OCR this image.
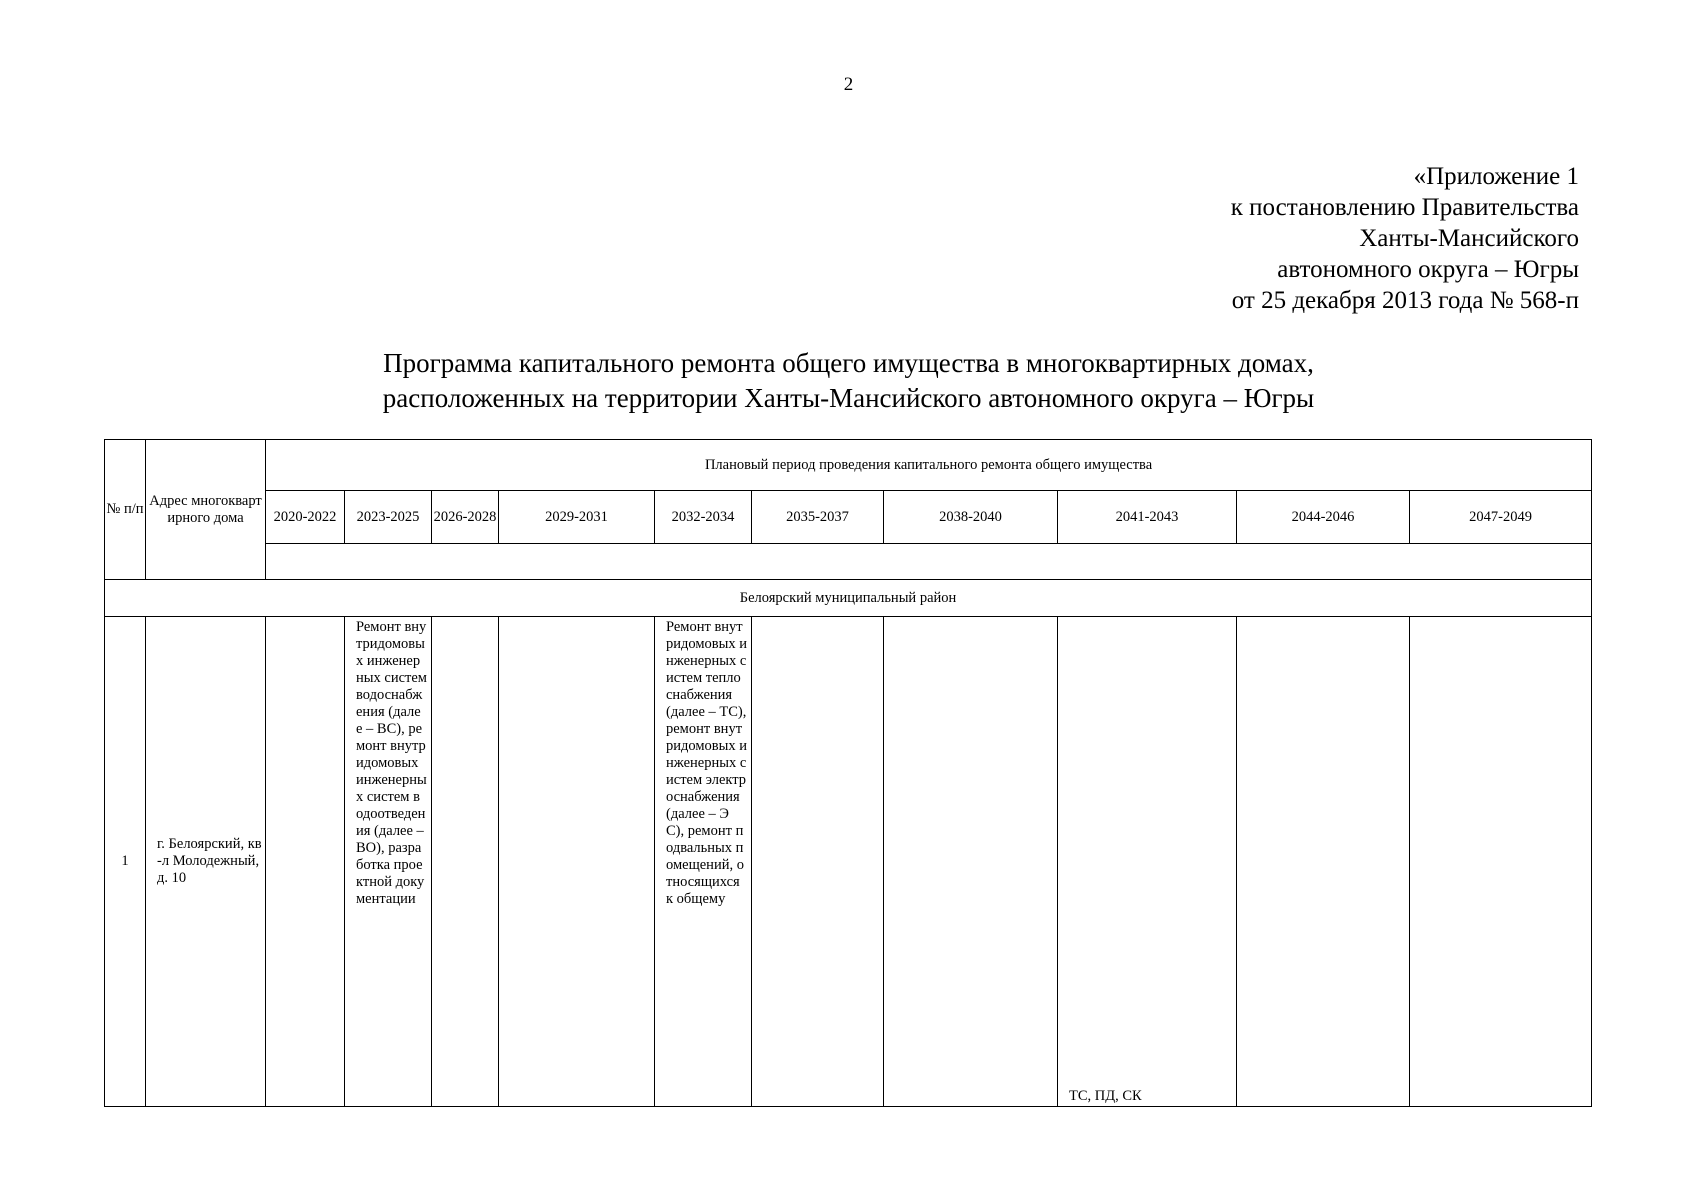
2
«Приложение 1
к постановлению Правительства
Ханты-Мансийского
автономного округа – Югры
от 25 декабря 2013 года № 568-п
Программа капитального ремонта общего имущества в многоквартирных домах,
расположенных на территории Ханты-Мансийского автономного округа – Югры
№ п/п	Адрес многоквартирного дома	Плановый период проведения капитального ремонта общего имущества									
		2020-2022	2023-2025	2026-2028	2029-2031	2032-2034	2035-2037	2038-2040	2041-2043	2044-2046	2047-2049

Белоярский муниципальный район											
1	г. Белоярский, кв-л Молодежный, д. 10		Ремонт внутридомовых инженерных систем водоснабжения (далее – ВС), ремонт внутридомовых инженерных систем водоотведения (далее – ВО), разработка проектной документации			Ремонт внутридомовых инженерных систем теплоснабжения (далее – ТС), ремонт внутридомовых инженерных систем электроснабжения (далее – ЭС), ремонт подвальных помещений, относящихся к общему			ТС, ПД, СК		
